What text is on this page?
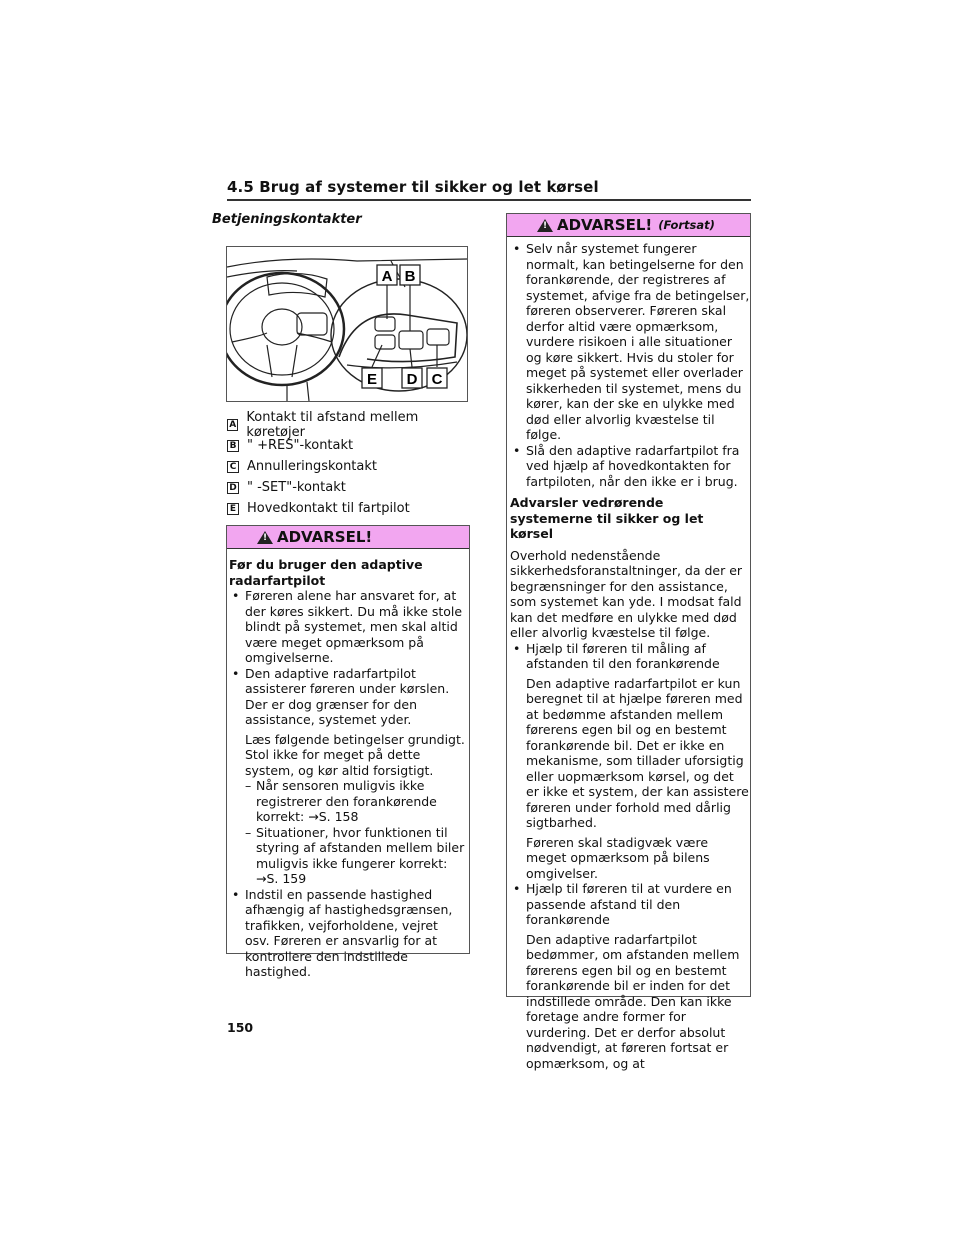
4.5 Brug af systemer til sikker og let kørsel
Betjeningskontakter
A B
E D C
A Kontakt til afstand mellem køretøjer
B " +RES"-kontakt
C Annulleringskontakt
D " -SET"-kontakt
E Hovedkontakt til fartpilot
!
ADVARSEL!
Før du bruger den adaptive radarfartpilot
• Føreren alene har ansvaret for, at der køres sikkert. Du må ikke stole blindt på systemet, men skal altid være meget opmærksom på omgivelserne.
• Den adaptive radarfartpilot assisterer føreren under kørslen. Der er dog grænser for den assistance, systemet yder.
Læs følgende betingelser grundigt. Stol ikke for meget på dette system, og kør altid forsigtigt.
– Når sensoren muligvis ikke registrerer den forankørende korrekt: →S. 158
– Situationer, hvor funktionen til styring af afstanden mellem biler muligvis ikke fungerer korrekt: →S. 159
• Indstil en passende hastighed afhængig af hastighedsgrænsen, trafikken, vejforholdene, vejret osv. Føreren er ansvarlig for at kontrollere den indstillede hastighed.
!
ADVARSEL! (Fortsat)
• Selv når systemet fungerer normalt, kan betingelserne for den forankørende, der registreres af systemet, afvige fra de betingelser, føreren observerer. Føreren skal derfor altid være opmærksom, vurdere risikoen i alle situationer og køre sikkert. Hvis du stoler for meget på systemet eller overlader sikkerheden til systemet, mens du kører, kan der ske en ulykke med død eller alvorlig kvæstelse til følge.
• Slå den adaptive radarfartpilot fra ved hjælp af hovedkontakten for fartpiloten, når den ikke er i brug.
Advarsler vedrørende systemerne til sikker og let kørsel
Overhold nedenstående sikkerhedsforanstaltninger, da der er begrænsninger for den assistance, som systemet kan yde. I modsat fald kan det medføre en ulykke med død eller alvorlig kvæstelse til følge.
• Hjælp til føreren til måling af afstanden til den forankørende
Den adaptive radarfartpilot er kun beregnet til at hjælpe føreren med at bedømme afstanden mellem førerens egen bil og en bestemt forankørende bil. Det er ikke en mekanisme, som tillader uforsigtig eller uopmærksom kørsel, og det er ikke et system, der kan assistere føreren under forhold med dårlig sigtbarhed.
Føreren skal stadigvæk være meget opmærksom på bilens omgivelser.
• Hjælp til føreren til at vurdere en passende afstand til den forankørende
Den adaptive radarfartpilot bedømmer, om afstanden mellem førerens egen bil og en bestemt forankørende bil er inden for det indstillede område. Den kan ikke foretage andre former for vurdering. Det er derfor absolut nødvendigt, at føreren fortsat er opmærksom, og at
150
